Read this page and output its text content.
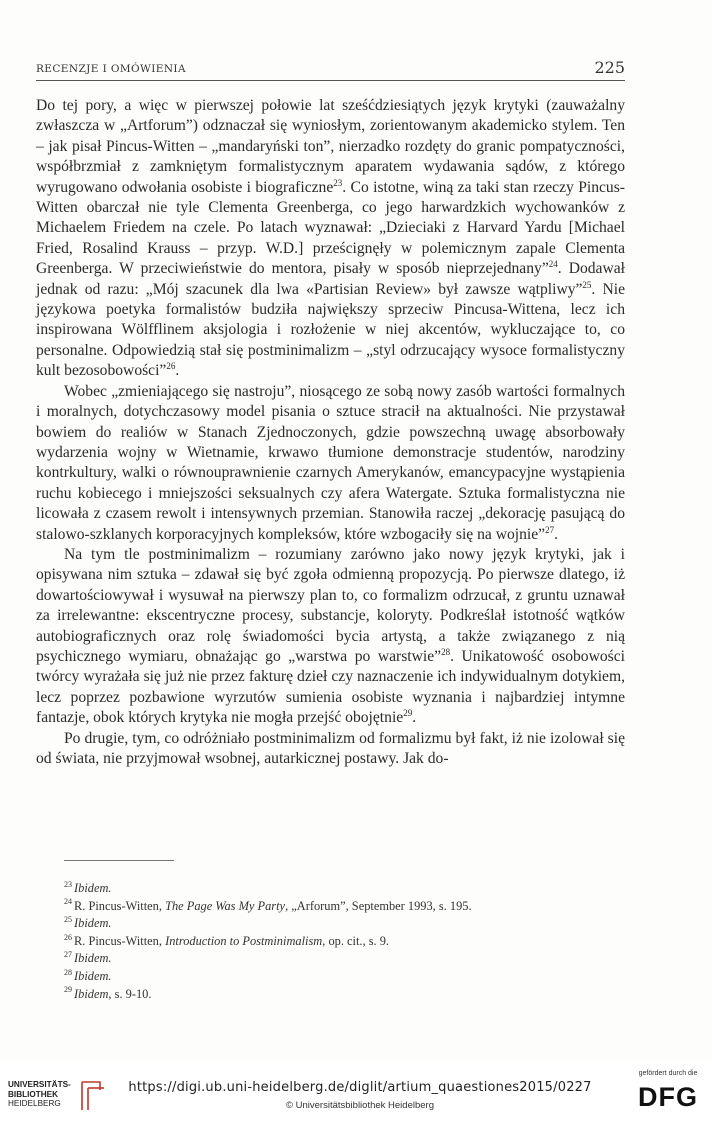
RECENZJE I OMÓWIENIA	225

Do tej pory, a więc w pierwszej połowie lat sześćdziesiątych język krytyki (zauważalny zwłaszcza w „Artforum”) odznaczał się wyniosłym, zorientowanym akademicko stylem. Ten – jak pisał Pincus-Witten – „mandaryński ton”, nierzadko rozdęty do granic pompatyczności, współbrzmiał z zamkniętym formalistycznym aparatem wydawania sądów, z którego wyrugowano odwołania osobiste i biograficzne$^{23}$. Co istotne, winą za taki stan rzeczy Pincus-Witten obarczał nie tyle Clementa Greenberga, co jego harwardzkich wychowanków z Michaelem Friedem na czele. Po latach wyznawał: „Dzieciaki z Harvard Yardu [Michael Fried, Rosalind Krauss – przyp. W.D.] prześcignęły w polemicznym zapale Clementa Greenberga. W przeciwieństwie do mentora, pisały w sposób nieprzejednany”$^{24}$. Dodawał jednak od razu: „Mój szacunek dla lwa «Partisian Review» był zawsze wątpliwy”$^{25}$. Nie językowa poetyka formalistów budziła największy sprzeciw Pincusa-Wittena, lecz ich inspirowana Wölfflinem aksjologia i rozłożenie w niej akcentów, wykluczające to, co personalne. Odpowiedzią stał się postminimalizm – „styl odrzucający wysoce formalistyczny kult bezosobowości”$^{26}$.

Wobec „zmieniającego się nastroju”, niosącego ze sobą nowy zasób wartości formalnych i moralnych, dotychczasowy model pisania o sztuce stracił na aktualności. Nie przystawał bowiem do realiów w Stanach Zjednoczonych, gdzie powszechną uwagę absorbowały wydarzenia wojny w Wietnamie, krwawo tłumione demonstracje studentów, narodziny kontrkultury, walki o równouprawnienie czarnych Amerykanów, emancypacyjne wystąpienia ruchu kobiecego i mniejszości seksualnych czy afera Watergate. Sztuka formalistyczna nie licowała z czasem rewolt i intensywnych przemian. Stanowiła raczej „dekorację pasującą do stalowo-szklanych korporacyjnych kompleksów, które wzbogaciły się na wojnie”$^{27}$.

Na tym tle postminimalizm – rozumiany zarówno jako nowy język krytyki, jak i opisywana nim sztuka – zdawał się być zgoła odmienną propozycją. Po pierwsze dlatego, iż dowartościowywał i wysuwał na pierwszy plan to, co formalizm odrzucał, z gruntu uznawał za irrelewantne: ekscentryczne procesy, substancje, koloryty. Podkreślał istotność wątków autobiograficznych oraz rolę świadomości bycia artystą, a także związanego z nią psychicznego wymiaru, obnażając go „warstwa po warstwie”$^{28}$. Unikatowość osobowości twórcy wyrażała się już nie przez fakturę dzieł czy naznaczenie ich indywidualnym dotykiem, lecz poprzez pozbawione wyrzutów sumienia osobiste wyznania i najbardziej intymne fantazje, obok których krytyka nie mogła przejść obojętnie$^{29}$.

Po drugie, tym, co odróżniało postminimalizm od formalizmu był fakt, iż nie izolował się od świata, nie przyjmował wsobnej, autarkicznej postawy. Jak do-

$^{23}$ Ibidem.

$^{24}$ R. Pincus-Witten, The Page Was My Party, „Arforum”, September 1993, s. 195.

$^{25}$ Ibidem.

$^{26}$ R. Pincus-Witten, Introduction to Postminimalism, op. cit., s. 9.

$^{27}$ Ibidem.

$^{28}$ Ibidem.

$^{29}$ Ibidem, s. 9-10.

UNIVERSITÄTS-
BIBLIOTHEK
HEIDELBERG
https://digi.ub.uni-heidelberg.de/diglit/artium_quaestiones2015/0227
© Universitätsbibliothek Heidelberg
gefördert durch die
DFG
